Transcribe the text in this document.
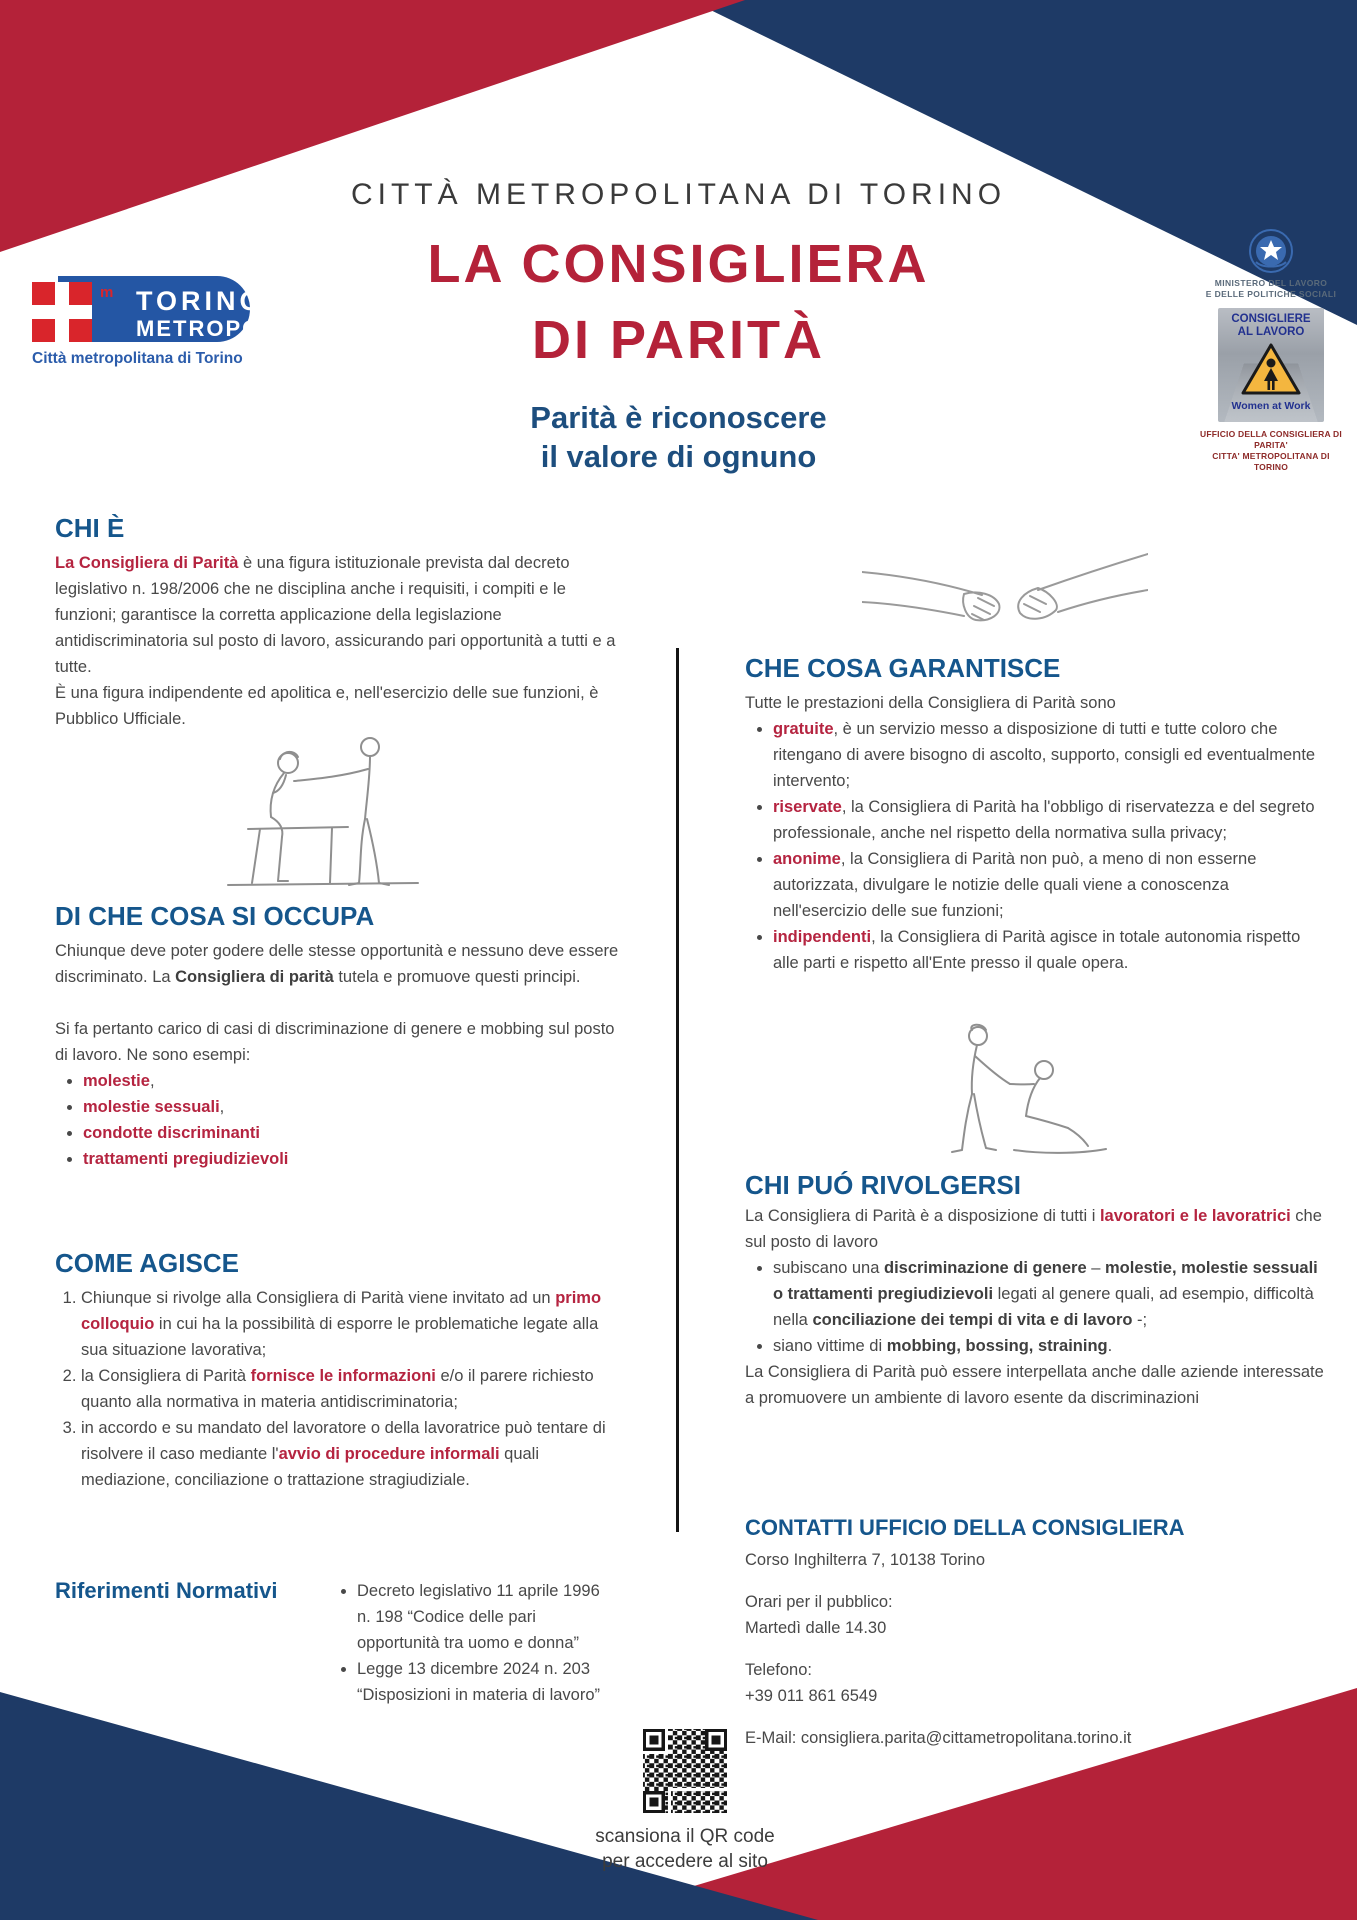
CITTÀ METROPOLITANA DI TORINO
LA CONSIGLIERA
DI PARITÀ
Parità è riconoscere
il valore di ognuno
m TORINO
METROPOLI
Città metropolitana di Torino
MINISTERO DEL LAVORO
E DELLE POLITICHE SOCIALI
CONSIGLIERE
AL LAVORO
Women at Work
UFFICIO DELLA CONSIGLIERA DI PARITA'
CITTA' METROPOLITANA DI TORINO
CHI È

La Consigliera di Parità è una figura istituzionale prevista dal decreto legislativo n. 198/2006 che ne disciplina anche i requisiti, i compiti e le funzioni; garantisce la corretta applicazione della legislazione antidiscriminatoria sul posto di lavoro, assicurando pari opportunità a tutti e a tutte.

È una figura indipendente ed apolitica e, nell'esercizio delle sue funzioni, è Pubblico Ufficiale.

DI CHE COSA SI OCCUPA

Chiunque deve poter godere delle stesse opportunità e nessuno deve essere discriminato. La Consigliera di parità tutela e promuove questi principi.

Si fa pertanto carico di casi di discriminazione di genere e mobbing sul posto di lavoro. Ne sono esempi:

• molestie,
• molestie sessuali,
• condotte discriminanti
• trattamenti pregiudizievoli
COME AGISCE
1. Chiunque si rivolge alla Consigliera di Parità viene invitato ad un primo colloquio in cui ha la possibilità di esporre le problematiche legate alla sua situazione lavorativa;
2. la Consigliera di Parità fornisce le informazioni e/o il parere richiesto quanto alla normativa in materia antidiscriminatoria;
3. in accordo e su mandato del lavoratore o della lavoratrice può tentare di risolvere il caso mediante l'avvio di procedure informali quali mediazione, conciliazione o trattazione stragiudiziale.
Riferimenti Normativi	• Decreto legislativo 11 aprile 1996 n. 198 “Codice delle pari opportunità tra uomo e donna”
• Legge 13 dicembre 2024 n. 203 “Disposizioni in materia di lavoro”
CHE COSA GARANTISCE

Tutte le prestazioni della Consigliera di Parità sono

• gratuite, è un servizio messo a disposizione di tutti e tutte coloro che ritengano di avere bisogno di ascolto, supporto, consigli ed eventualmente intervento;
• riservate, la Consigliera di Parità ha l'obbligo di riservatezza e del segreto professionale, anche nel rispetto della normativa sulla privacy;
• anonime, la Consigliera di Parità non può, a meno di non esserne autorizzata, divulgare le notizie delle quali viene a conoscenza nell'esercizio delle sue funzioni;
• indipendenti, la Consigliera di Parità agisce in totale autonomia rispetto alle parti e rispetto all'Ente presso il quale opera.
CHI PUÓ RIVOLGERSI

La Consigliera di Parità è a disposizione di tutti i lavoratori e le lavoratrici che sul posto di lavoro

• subiscano una discriminazione di genere – molestie, molestie sessuali o trattamenti pregiudizievoli legati al genere quali, ad esempio, difficoltà nella conciliazione dei tempi di vita e di lavoro -;
• siano vittime di mobbing, bossing, straining.

La Consigliera di Parità può essere interpellata anche dalle aziende interessate a promuovere un ambiente di lavoro esente da discriminazioni

CONTATTI UFFICIO DELLA CONSIGLIERA

Corso Inghilterra 7, 10138 Torino

Orari per il pubblico:

Martedì dalle 14.30

Telefono:

+39 011 861 6549

E-Mail: consigliera.parita@cittametropolitana.torino.it

scansiona il QR code
per accedere al sito
